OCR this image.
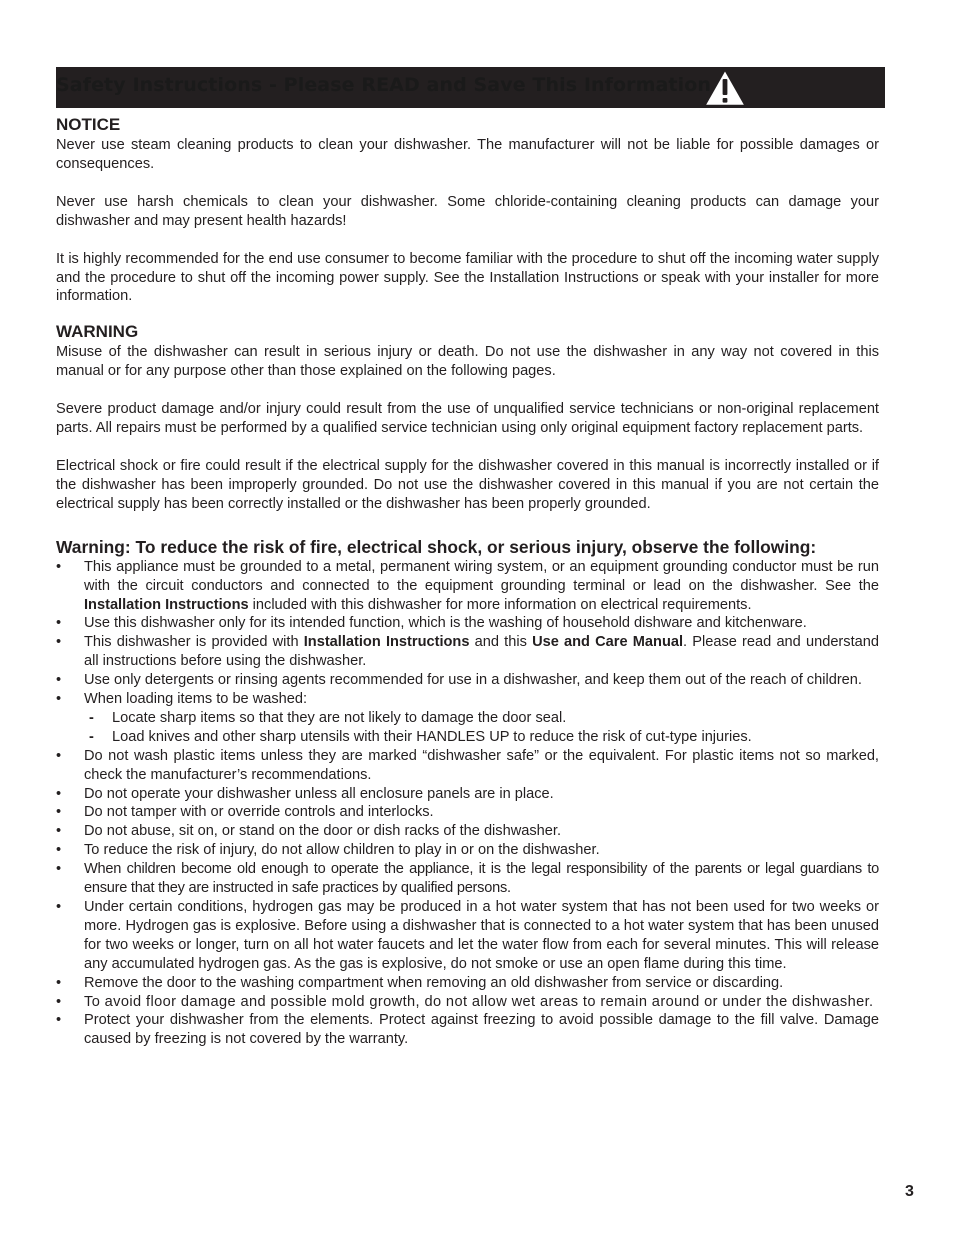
Safety Instructions - Please READ and Save This Information
NOTICE

Never use steam cleaning products to clean your dishwasher. The manufacturer will not be liable for possible damages or consequences.

Never use harsh chemicals to clean your dishwasher. Some chloride-containing cleaning products can damage your dishwasher and may present health hazards!

It is highly recommended for the end use consumer to become familiar with the procedure to shut off the incoming water supply and the procedure to shut off the incoming power supply. See the Installation Instructions or speak with your installer for more information.

WARNING

Misuse of the dishwasher can result in serious injury or death. Do not use the dishwasher in any way not covered in this manual or for any purpose other than those explained on the following pages.

Severe product damage and/or injury could result from the use of unqualified service technicians or non-original replacement parts. All repairs must be performed by a qualified service technician using only original equipment factory replacement parts.

Electrical shock or fire could result if the electrical supply for the dishwasher covered in this manual is incorrectly installed or if the dishwasher has been improperly grounded. Do not use the dishwasher covered in this manual if you are not certain the electrical supply has been correctly installed or the dishwasher has been properly grounded.

Warning: To reduce the risk of fire, electrical shock, or serious injury, observe the following:
• This appliance must be grounded to a metal, permanent wiring system, or an equipment grounding conductor must be run with the circuit conductors and connected to the equipment grounding terminal or lead on the dishwasher. See the Installation Instructions included with this dishwasher for more information on electrical requirements.
• Use this dishwasher only for its intended function, which is the washing of household dishware and kitchenware.
• This dishwasher is provided with Installation Instructions and this Use and Care Manual. Please read and understand all instructions before using the dishwasher.
• Use only detergents or rinsing agents recommended for use in a dishwasher, and keep them out of the reach of children.
• When loading items to be washed:
- Locate sharp items so that they are not likely to damage the door seal.
- Load knives and other sharp utensils with their HANDLES UP to reduce the risk of cut-type injuries.
• Do not wash plastic items unless they are marked “dishwasher safe” or the equivalent. For plastic items not so marked, check the manufacturer’s recommendations.
• Do not operate your dishwasher unless all enclosure panels are in place.
• Do not tamper with or override controls and interlocks.
• Do not abuse, sit on, or stand on the door or dish racks of the dishwasher.
• To reduce the risk of injury, do not allow children to play in or on the dishwasher.
• When children become old enough to operate the appliance, it is the legal responsibility of the parents or legal guardians to ensure that they are instructed in safe practices by qualified persons.
• Under certain conditions, hydrogen gas may be produced in a hot water system that has not been used for two weeks or more. Hydrogen gas is explosive. Before using a dishwasher that is connected to a hot water system that has been unused for two weeks or longer, turn on all hot water faucets and let the water flow from each for several minutes. This will release any accumulated hydrogen gas. As the gas is explosive, do not smoke or use an open flame during this time.
• Remove the door to the washing compartment when removing an old dishwasher from service or discarding.
• To avoid floor damage and possible mold growth, do not allow wet areas to remain around or under the dishwasher.
• Protect your dishwasher from the elements. Protect against freezing to avoid possible damage to the fill valve. Damage caused by freezing is not covered by the warranty.
3
